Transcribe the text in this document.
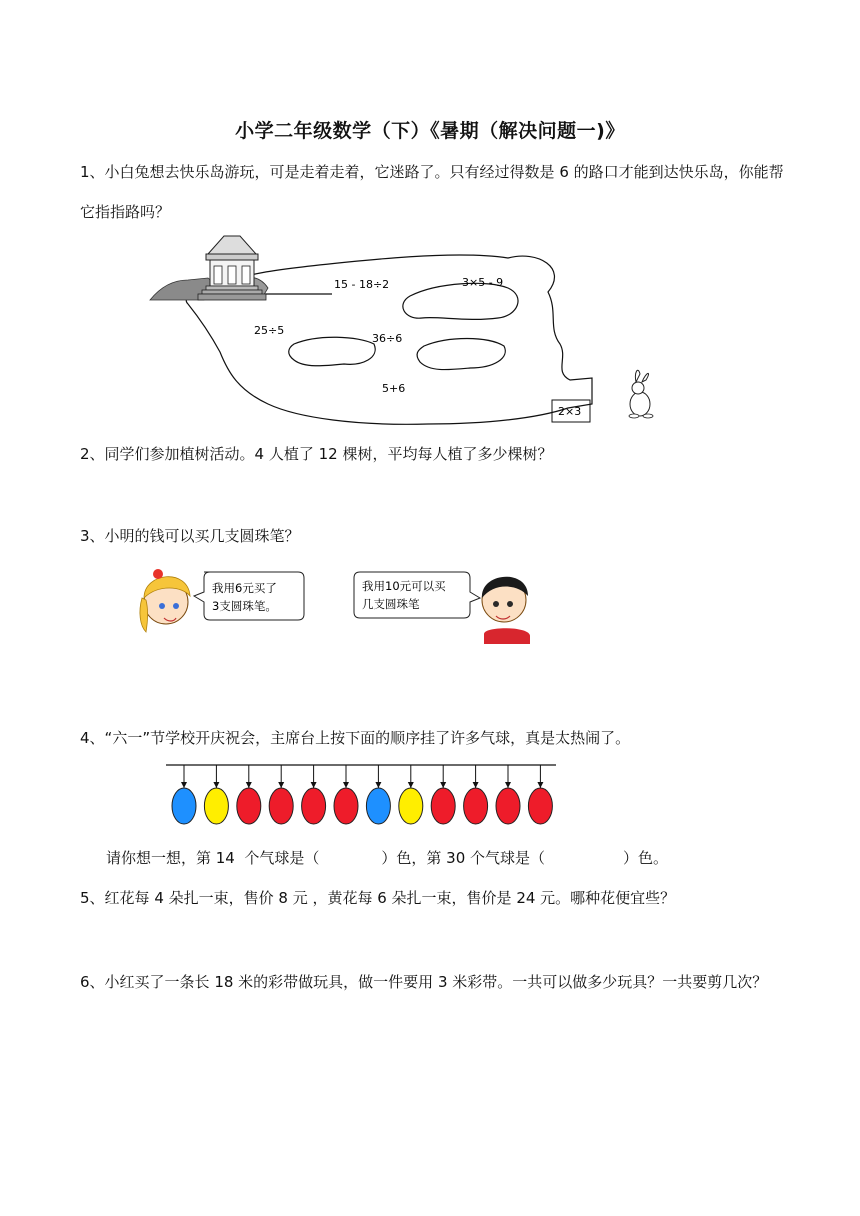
小学二年级数学（下）《暑期（解决问题一)》
1、小白兔想去快乐岛游玩，可是走着走着，它迷路了。只有经过得数是 6 的路口才能到达快乐岛，你能帮它指指路吗？
15 - 18÷2	3×5 - 9
25÷5
36÷6
5+6
2×3
2、同学们参加植树活动。4 人植了 12 棵树，平均每人植了多少棵树？
3、小明的钱可以买几支圆珠笔？
我用6元买了
3支圆珠笔。
我用10元可以买
几支圆珠笔
4、“六一”节学校开庆祝会，主席台上按下面的顺序挂了许多气球，真是太热闹了。
请你想一想，第 14  个气球是（	）色，第 30 个气球是（	）色。
5、红花每 4 朵扎一束，售价 8 元 ，黄花每 6 朵扎一束，售价是 24 元。哪种花便宜些？
6、小红买了一条长 18 米的彩带做玩具，做一件要用 3 米彩带。一共可以做多少玩具？一共要剪几次？
